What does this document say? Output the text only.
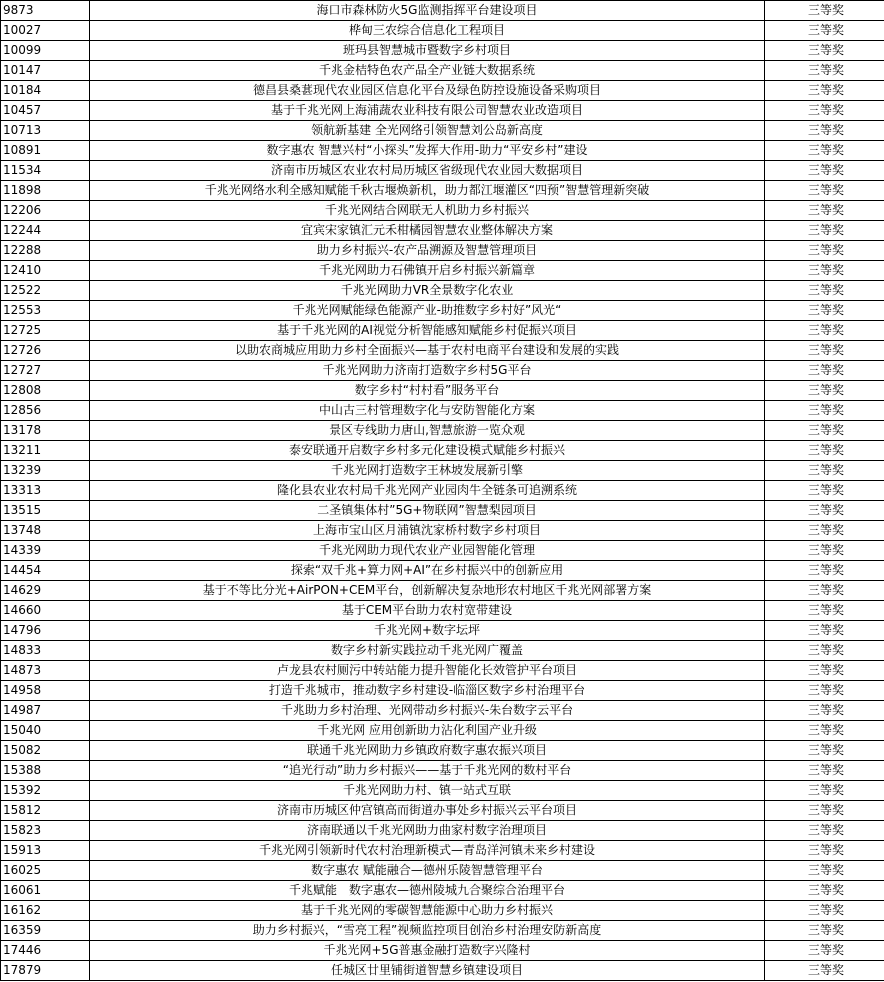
9873	海口市森林防火5G监测指挥平台建设项目	三等奖
10027	桦甸三农综合信息化工程项目	三等奖
10099	班玛县智慧城市暨数字乡村项目	三等奖
10147	千兆金桔特色农产品全产业链大数据系统	三等奖
10184	德昌县桑葚现代农业园区信息化平台及绿色防控设施设备采购项目	三等奖
10457	基于千兆光网上海浦蔬农业科技有限公司智慧农业改造项目	三等奖
10713	领航新基建 全光网络引领智慧刘公岛新高度	三等奖
10891	数字惠农 智慧兴村“小探头”发挥大作用-助力“平安乡村”建设	三等奖
11534	济南市历城区农业农村局历城区省级现代农业园大数据项目	三等奖
11898	千兆光网络水利全感知赋能千秋古堰焕新机，助力都江堰灌区“四预”智慧管理新突破	三等奖
12206	千兆光网结合网联无人机助力乡村振兴	三等奖
12244	宜宾宋家镇汇元禾柑橘园智慧农业整体解决方案	三等奖
12288	助力乡村振兴-农产品溯源及智慧管理项目	三等奖
12410	千兆光网助力石佛镇开启乡村振兴新篇章	三等奖
12522	千兆光网助力VR全景数字化农业	三等奖
12553	千兆光网赋能绿色能源产业-助推数字乡村好”风光“	三等奖
12725	基于千兆光网的AI视觉分析智能感知赋能乡村促振兴项目	三等奖
12726	以助农商城应用助力乡村全面振兴—基于农村电商平台建设和发展的实践	三等奖
12727	千兆光网助力济南打造数字乡村5G平台	三等奖
12808	数字乡村“村村看”服务平台	三等奖
12856	中山古三村管理数字化与安防智能化方案	三等奖
13178	景区专线助力唐山,智慧旅游一览众观	三等奖
13211	泰安联通开启数字乡村多元化建设模式赋能乡村振兴	三等奖
13239	千兆光网打造数字王林坡发展新引擎	三等奖
13313	隆化县农业农村局千兆光网产业园肉牛全链条可追溯系统	三等奖
13515	二圣镇集体村”5G+物联网”智慧梨园项目	三等奖
13748	上海市宝山区月浦镇沈家桥村数字乡村项目	三等奖
14339	千兆光网助力现代农业产业园智能化管理	三等奖
14454	探索“双千兆+算力网+AI”在乡村振兴中的创新应用	三等奖
14629	基于不等比分光+AirPON+CEM平台，创新解决复杂地形农村地区千兆光网部署方案	三等奖
14660	基于CEM平台助力农村宽带建设	三等奖
14796	千兆光网+数字坛坪	三等奖
14833	数字乡村新实践拉动千兆光网广覆盖	三等奖
14873	卢龙县农村厕污中转站能力提升智能化长效管护平台项目	三等奖
14958	打造千兆城市，推动数字乡村建设-临淄区数字乡村治理平台	三等奖
14987	千兆助力乡村治理、光网带动乡村振兴-朱台数字云平台	三等奖
15040	千兆光网 应用创新助力沾化利国产业升级	三等奖
15082	联通千兆光网助力乡镇政府数字惠农振兴项目	三等奖
15388	“追光行动”助力乡村振兴——基于千兆光网的数村平台	三等奖
15392	千兆光网助力村、镇一站式互联	三等奖
15812	济南市历城区仲宫镇高而街道办事处乡村振兴云平台项目	三等奖
15823	济南联通以千兆光网助力曲家村数字治理项目	三等奖
15913	千兆光网引领新时代农村治理新模式—青岛洋河镇未来乡村建设	三等奖
16025	数字惠农 赋能融合—德州乐陵智慧管理平台	三等奖
16061	千兆赋能　数字惠农—德州陵城九合聚综合治理平台	三等奖
16162	基于千兆光网的零碳智慧能源中心助力乡村振兴	三等奖
16359	助力乡村振兴，“雪亮工程”视频监控项目创治乡村治理安防新高度	三等奖
17446	千兆光网+5G普惠金融打造数字兴隆村	三等奖
17879	任城区廿里铺街道智慧乡镇建设项目	三等奖
